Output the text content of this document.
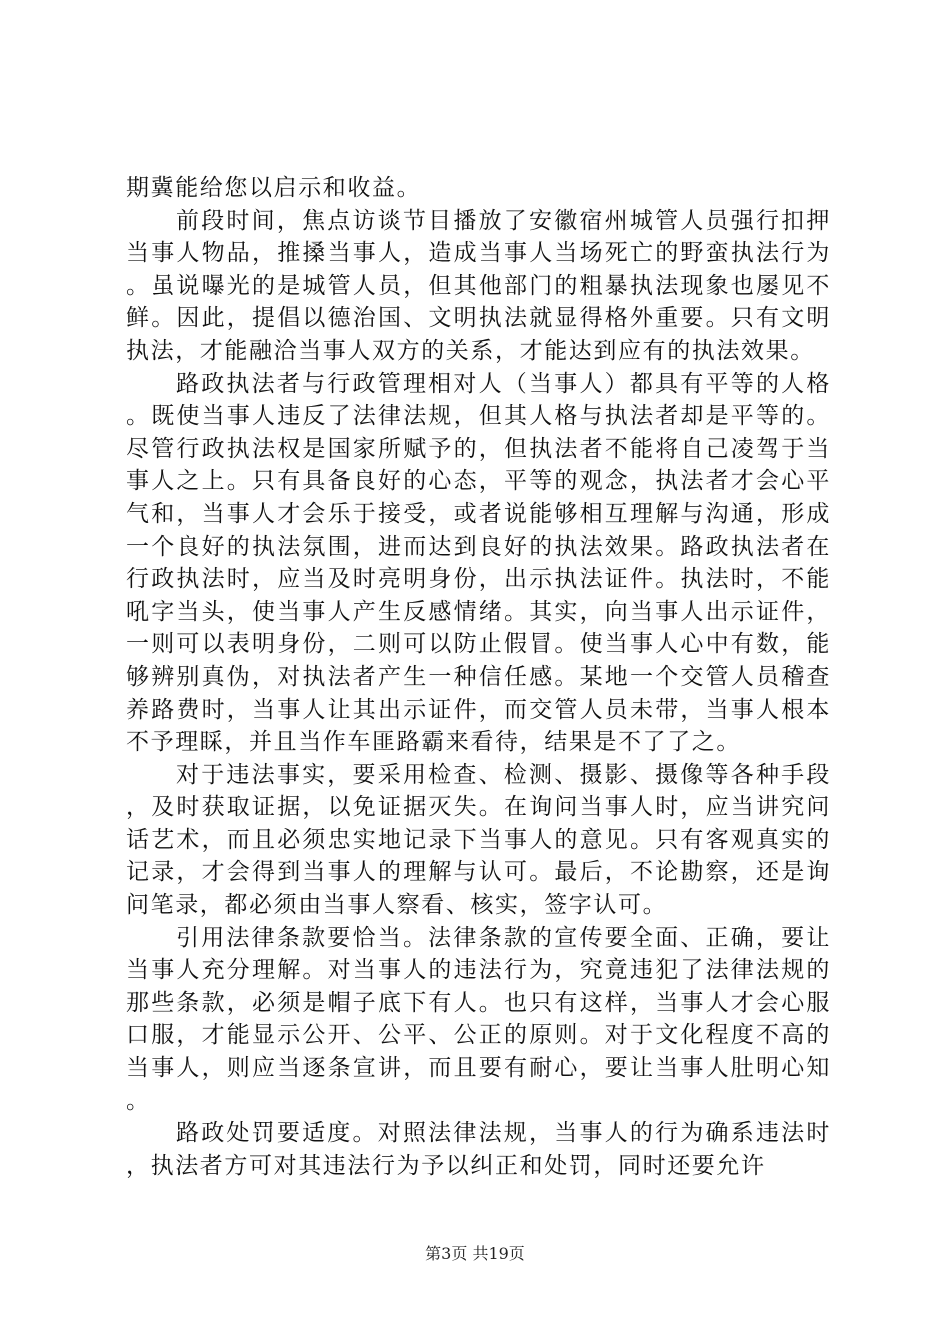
期冀能给您以启示和收益。

前段时间，焦点访谈节目播放了安徽宿州城管人员强行扣押当事人物品，推搡当事人，造成当事人当场死亡的野蛮执法行为。虽说曝光的是城管人员，但其他部门的粗暴执法现象也屡见不鲜。因此，提倡以德治国、文明执法就显得格外重要。只有文明执法，才能融洽当事人双方的关系，才能达到应有的执法效果。

路政执法者与行政管理相对人（当事人）都具有平等的人格。既使当事人违反了法律法规，但其人格与执法者却是平等的。尽管行政执法权是国家所赋予的，但执法者不能将自己凌驾于当事人之上。只有具备良好的心态，平等的观念，执法者才会心平气和，当事人才会乐于接受，或者说能够相互理解与沟通，形成一个良好的执法氛围，进而达到良好的执法效果。路政执法者在行政执法时，应当及时亮明身份，出示执法证件。执法时，不能吼字当头，使当事人产生反感情绪。其实，向当事人出示证件，一则可以表明身份，二则可以防止假冒。使当事人心中有数，能够辨别真伪，对执法者产生一种信任感。某地一个交管人员稽查养路费时，当事人让其出示证件，而交管人员未带，当事人根本不予理睬，并且当作车匪路霸来看待，结果是不了了之。

对于违法事实，要采用检查、检测、摄影、摄像等各种手段，及时获取证据，以免证据灭失。在询问当事人时，应当讲究问话艺术，而且必须忠实地记录下当事人的意见。只有客观真实的记录，才会得到当事人的理解与认可。最后，不论勘察，还是询问笔录，都必须由当事人察看、核实，签字认可。

引用法律条款要恰当。法律条款的宣传要全面、正确，要让当事人充分理解。对当事人的违法行为，究竟违犯了法律法规的那些条款，必须是帽子底下有人。也只有这样，当事人才会心服口服，才能显示公开、公平、公正的原则。对于文化程度不高的当事人，则应当逐条宣讲，而且要有耐心，要让当事人肚明心知。

路政处罚要适度。对照法律法规，当事人的行为确系违法时，执法者方可对其违法行为予以纠正和处罚，同时还要允许

第3页 共19页
